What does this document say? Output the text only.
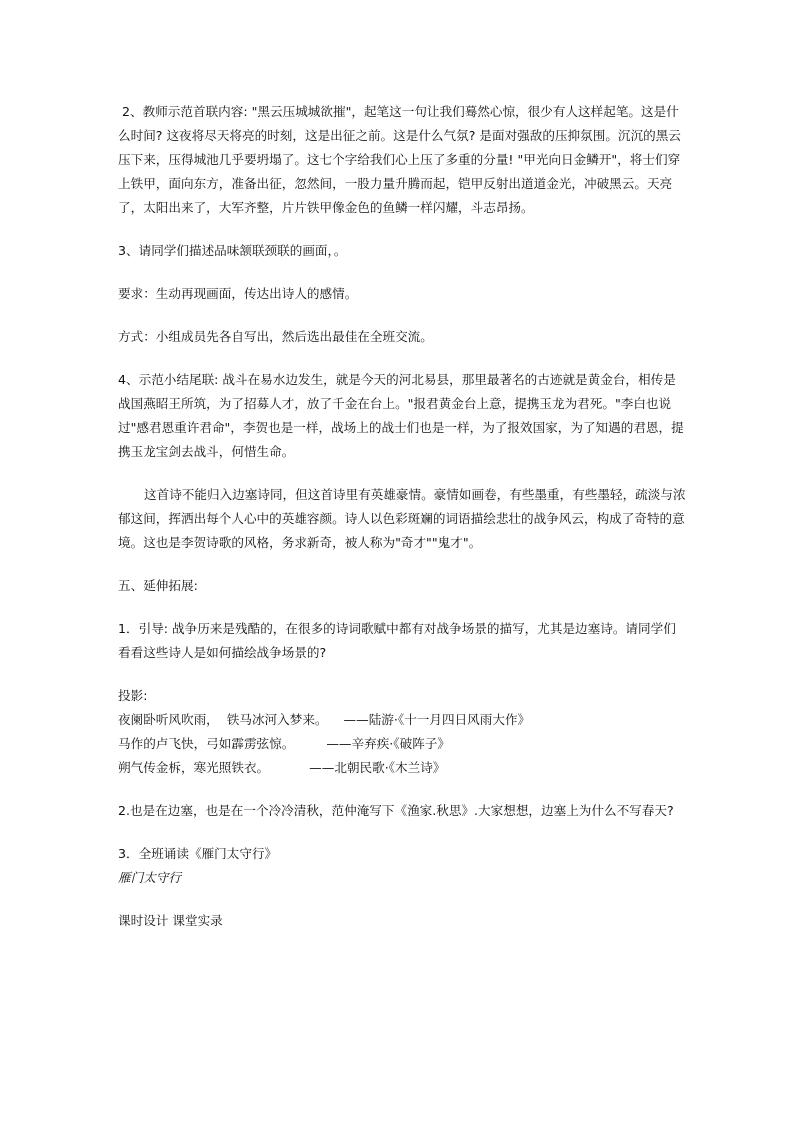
2、教师示范首联内容: "黑云压城城欲摧"，起笔这一句让我们蓦然心惊，很少有人这样起笔。这是什么时间? 这夜将尽天将亮的时刻，这是出征之前。这是什么气氛? 是面对强敌的压抑氛围。沉沉的黑云压下来，压得城池几乎要坍塌了。这七个字给我们心上压了多重的分量! "甲光向日金鳞开"，将士们穿上铁甲，面向东方，准备出征，忽然间，一股力量升腾而起，铠甲反射出道道金光，冲破黑云。天亮了，太阳出来了，大军齐整，片片铁甲像金色的鱼鳞一样闪耀，斗志昂扬。

3、请同学们描述品味颔联颈联的画面，。

要求：生动再现画面，传达出诗人的感情。

方式：小组成员先各自写出，然后选出最佳在全班交流。

4、示范小结尾联: 战斗在易水边发生，就是今天的河北易县，那里最著名的古迹就是黄金台，相传是战国燕昭王所筑，为了招募人才，放了千金在台上。"报君黄金台上意，提携玉龙为君死。"李白也说过"感君恩重许君命"，李贺也是一样，战场上的战士们也是一样，为了报效国家，为了知遇的君恩，提携玉龙宝剑去战斗，何惜生命。

这首诗不能归入边塞诗同，但这首诗里有英雄豪情。豪情如画卷，有些墨重，有些墨轻，疏淡与浓郁这间，挥洒出每个人心中的英雄容颜。诗人以色彩斑斓的词语描绘悲壮的战争风云，构成了奇特的意境。这也是李贺诗歌的风格，务求新奇，被人称为"奇才""鬼才"。

五、延伸拓展:

1．引导: 战争历来是残酷的，在很多的诗词歌赋中都有对战争场景的描写，尤其是边塞诗。请同学们看看这些诗人是如何描绘战争场景的?

投影:

夜阑卧听风吹雨，  铁马冰河入梦来。    ——陆游·《十一月四日风雨大作》

马作的卢飞快，弓如霹雳弦惊。        ——辛弃疾·《破阵子》

朔气传金柝，寒光照铁衣。          ——北朝民歌·《木兰诗》

2.也是在边塞，也是在一个冷冷清秋，范仲淹写下《渔家.秋思》.大家想想，边塞上为什么不写春天?

3．全班诵读《雁门太守行》

雁门太守行

课时设计 课堂实录
